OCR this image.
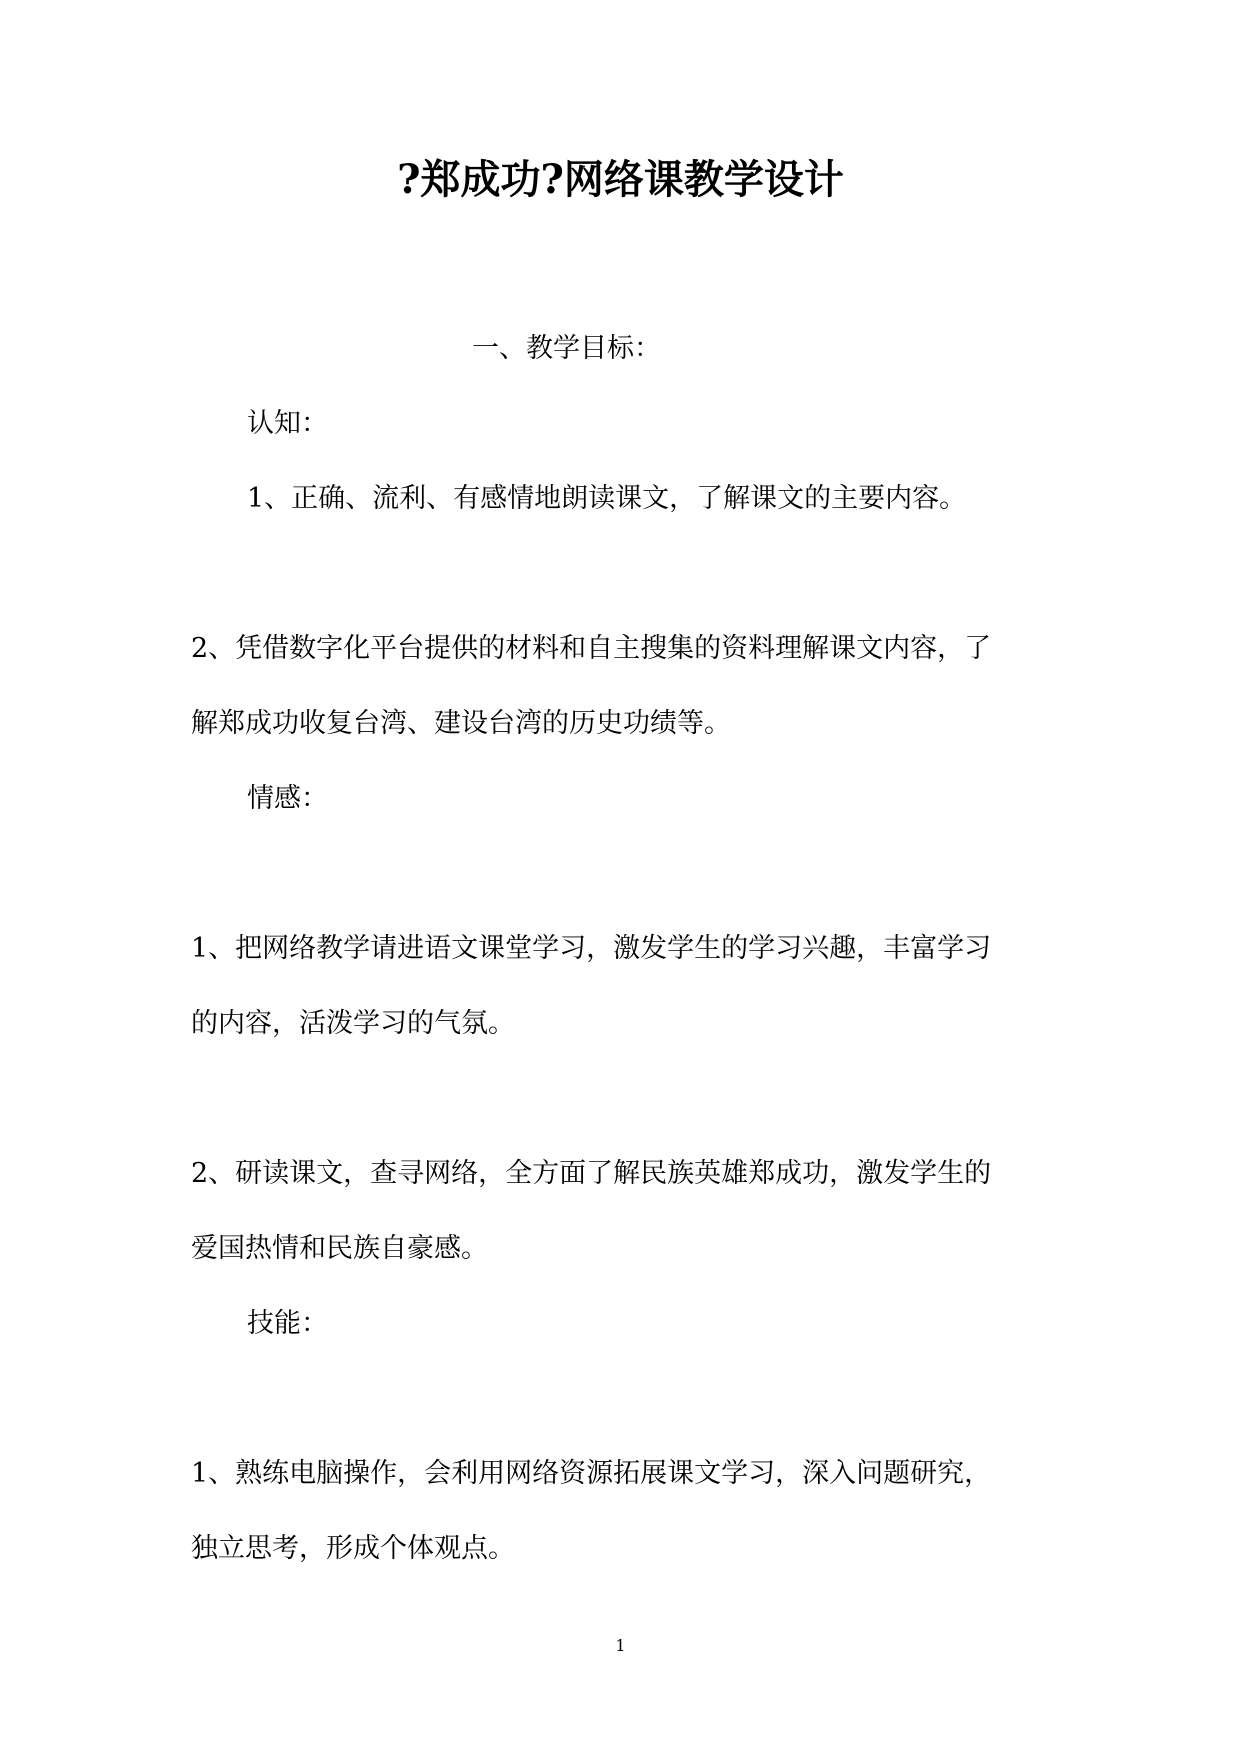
?郑成功?网络课教学设计
一、教学目标：
认知：
1、正确、流利、有感情地朗读课文，了解课文的主要内容。
2、凭借数字化平台提供的材料和自主搜集的资料理解课文内容，了
解郑成功收复台湾、建设台湾的历史功绩等。
情感：
1、把网络教学请进语文课堂学习，激发学生的学习兴趣，丰富学习
的内容，活泼学习的气氛。
2、研读课文，查寻网络，全方面了解民族英雄郑成功，激发学生的
爱国热情和民族自豪感。
技能：
1、熟练电脑操作，会利用网络资源拓展课文学习，深入问题研究，
独立思考，形成个体观点。
1
